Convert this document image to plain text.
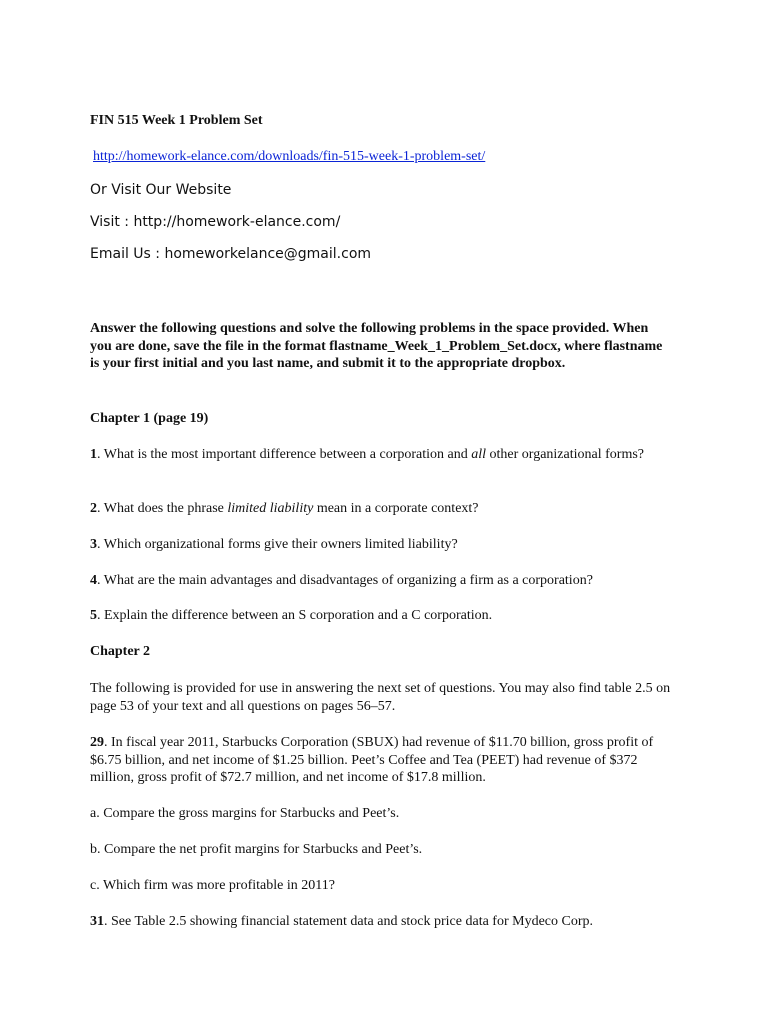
FIN 515 Week 1 Problem Set

http://homework-elance.com/downloads/fin-515-week-1-problem-set/

Or Visit Our Website

Visit : http://homework-elance.com/

Email Us : homeworkelance@gmail.com

Answer the following questions and solve the following problems in the space provided. When you are done, save the file in the format flastname_Week_1_Problem_Set.docx, where flastname is your first initial and you last name, and submit it to the appropriate dropbox.

Chapter 1 (page 19)

1. What is the most important difference between a corporation and all other organizational forms?

2. What does the phrase limited liability mean in a corporate context?

3. Which organizational forms give their owners limited liability?

4. What are the main advantages and disadvantages of organizing a firm as a corporation?

5. Explain the difference between an S corporation and a C corporation.

Chapter 2

The following is provided for use in answering the next set of questions. You may also find table 2.5 on page 53 of your text and all questions on pages 56–57.

29. In fiscal year 2011, Starbucks Corporation (SBUX) had revenue of $11.70 billion, gross profit of $6.75 billion, and net income of $1.25 billion. Peet’s Coffee and Tea (PEET) had revenue of $372 million, gross profit of $72.7 million, and net income of $17.8 million.

a. Compare the gross margins for Starbucks and Peet’s.

b. Compare the net profit margins for Starbucks and Peet’s.

c. Which firm was more profitable in 2011?

31. See Table 2.5 showing financial statement data and stock price data for Mydeco Corp.
